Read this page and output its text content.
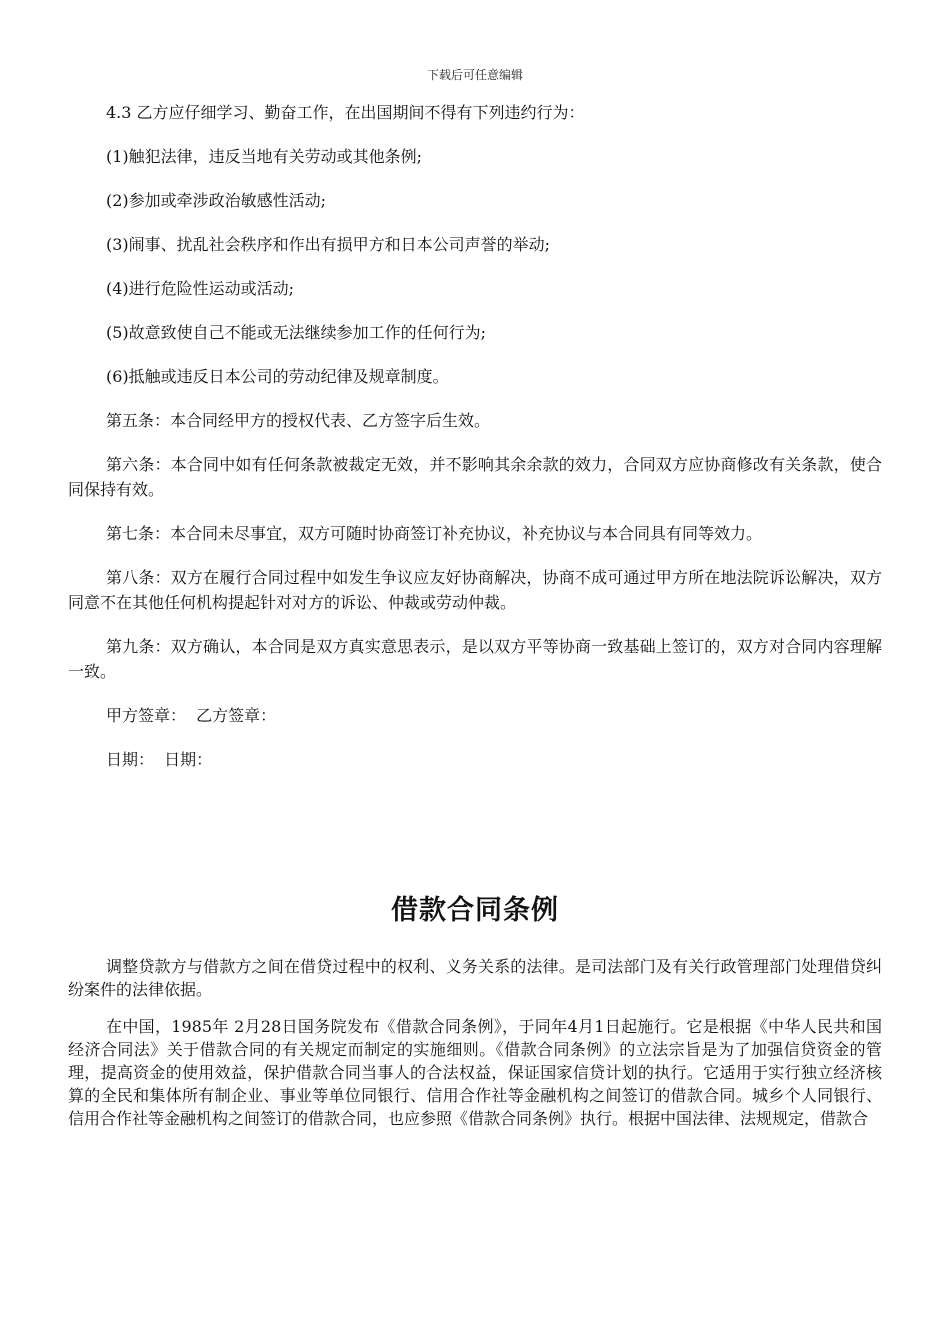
下载后可任意编辑

4.3 乙方应仔细学习、勤奋工作，在出国期间不得有下列违约行为：

(1)触犯法律，违反当地有关劳动或其他条例;

(2)参加或牵涉政治敏感性活动;

(3)闹事、扰乱社会秩序和作出有损甲方和日本公司声誉的举动;

(4)进行危险性运动或活动;

(5)故意致使自己不能或无法继续参加工作的任何行为;

(6)抵触或违反日本公司的劳动纪律及规章制度。

第五条：本合同经甲方的授权代表、乙方签字后生效。

第六条：本合同中如有任何条款被裁定无效，并不影响其余余款的效力，合同双方应协商修改有关条款，使合同保持有效。

第七条：本合同未尽事宜，双方可随时协商签订补充协议，补充协议与本合同具有同等效力。

第八条：双方在履行合同过程中如发生争议应友好协商解决，协商不成可通过甲方所在地法院诉讼解决，双方同意不在其他任何机构提起针对对方的诉讼、仲裁或劳动仲裁。

第九条：双方确认，本合同是双方真实意思表示，是以双方平等协商一致基础上签订的，双方对合同内容理解一致。

甲方签章：  乙方签章：

日期：  日期：

借款合同条例

调整贷款方与借款方之间在借贷过程中的权利、义务关系的法律。是司法部门及有关行政管理部门处理借贷纠纷案件的法律依据。

在中国，1985年 2月28日国务院发布《借款合同条例》，于同年4月1日起施行。它是根据《中华人民共和国经济合同法》关于借款合同的有关规定而制定的实施细则。《借款合同条例》的立法宗旨是为了加强信贷资金的管理，提高资金的使用效益，保护借款合同当事人的合法权益，保证国家信贷计划的执行。它适用于实行独立经济核算的全民和集体所有制企业、事业等单位同银行、信用合作社等金融机构之间签订的借款合同。城乡个人同银行、信用合作社等金融机构之间签订的借款合同，也应参照《借款合同条例》执行。根据中国法律、法规规定，借款合
